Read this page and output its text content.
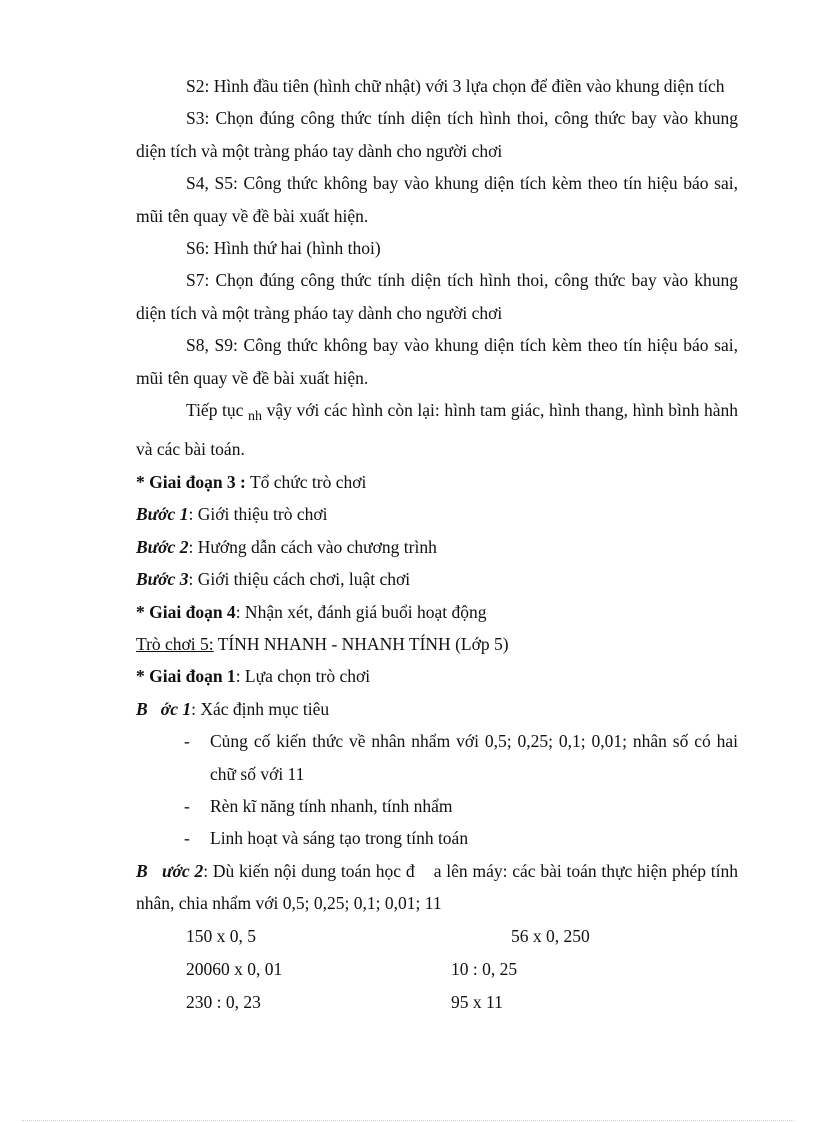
S2: Hình đầu tiên (hình chữ nhật) với 3 lựa chọn để điền vào khung diện tích

S3: Chọn đúng công thức tính diện tích hình thoi, công thức bay vào khung diện tích và một tràng pháo tay dành cho người chơi

S4, S5: Công thức không bay vào khung diện tích kèm theo tín hiệu báo sai, mũi tên quay về đề bài xuất hiện.

S6: Hình thứ hai (hình thoi)

S7: Chọn đúng công thức tính diện tích hình thoi, công thức bay vào khung diện tích và một tràng pháo tay dành cho người chơi

S8, S9: Công thức không bay vào khung diện tích kèm theo tín hiệu báo sai, mũi tên quay về đề bài xuất hiện.

Tiếp tục $_{nh}$ vậy với các hình còn lại: hình tam giác, hình thang, hình bình hành và các bài toán.

* Giai đoạn 3 : Tổ chức trò chơi

Bước 1: Giới thiệu trò chơi

Bước 2: Hướng dẫn cách vào chương trình

Bước 3: Giới thiệu cách chơi, luật chơi

* Giai đoạn 4: Nhận xét, đánh giá buổi hoạt động

Trò chơi 5: TÍNH NHANH - NHANH TÍNH (Lớp 5)

* Giai đoạn 1: Lựa chọn trò chơi

B   ớc 1: Xác định mục tiêu

-	Củng cố kiến thức về nhân nhẩm với 0,5; 0,25; 0,1; 0,01; nhân số có hai chữ số với 11
-	Rèn kĩ năng tính nhanh, tính nhẩm
-	Linh hoạt và sáng tạo trong tính toán

B   ước 2: Dù kiến nội dung toán học đ    a lên máy: các bài toán thực hiện phép tính nhân, chia nhẩm với 0,5; 0,25; 0,1; 0,01; 11

150 x 0, 5	56 x 0, 250
20060 x 0, 01	10 : 0, 25
230 : 0, 23	95 x 11
